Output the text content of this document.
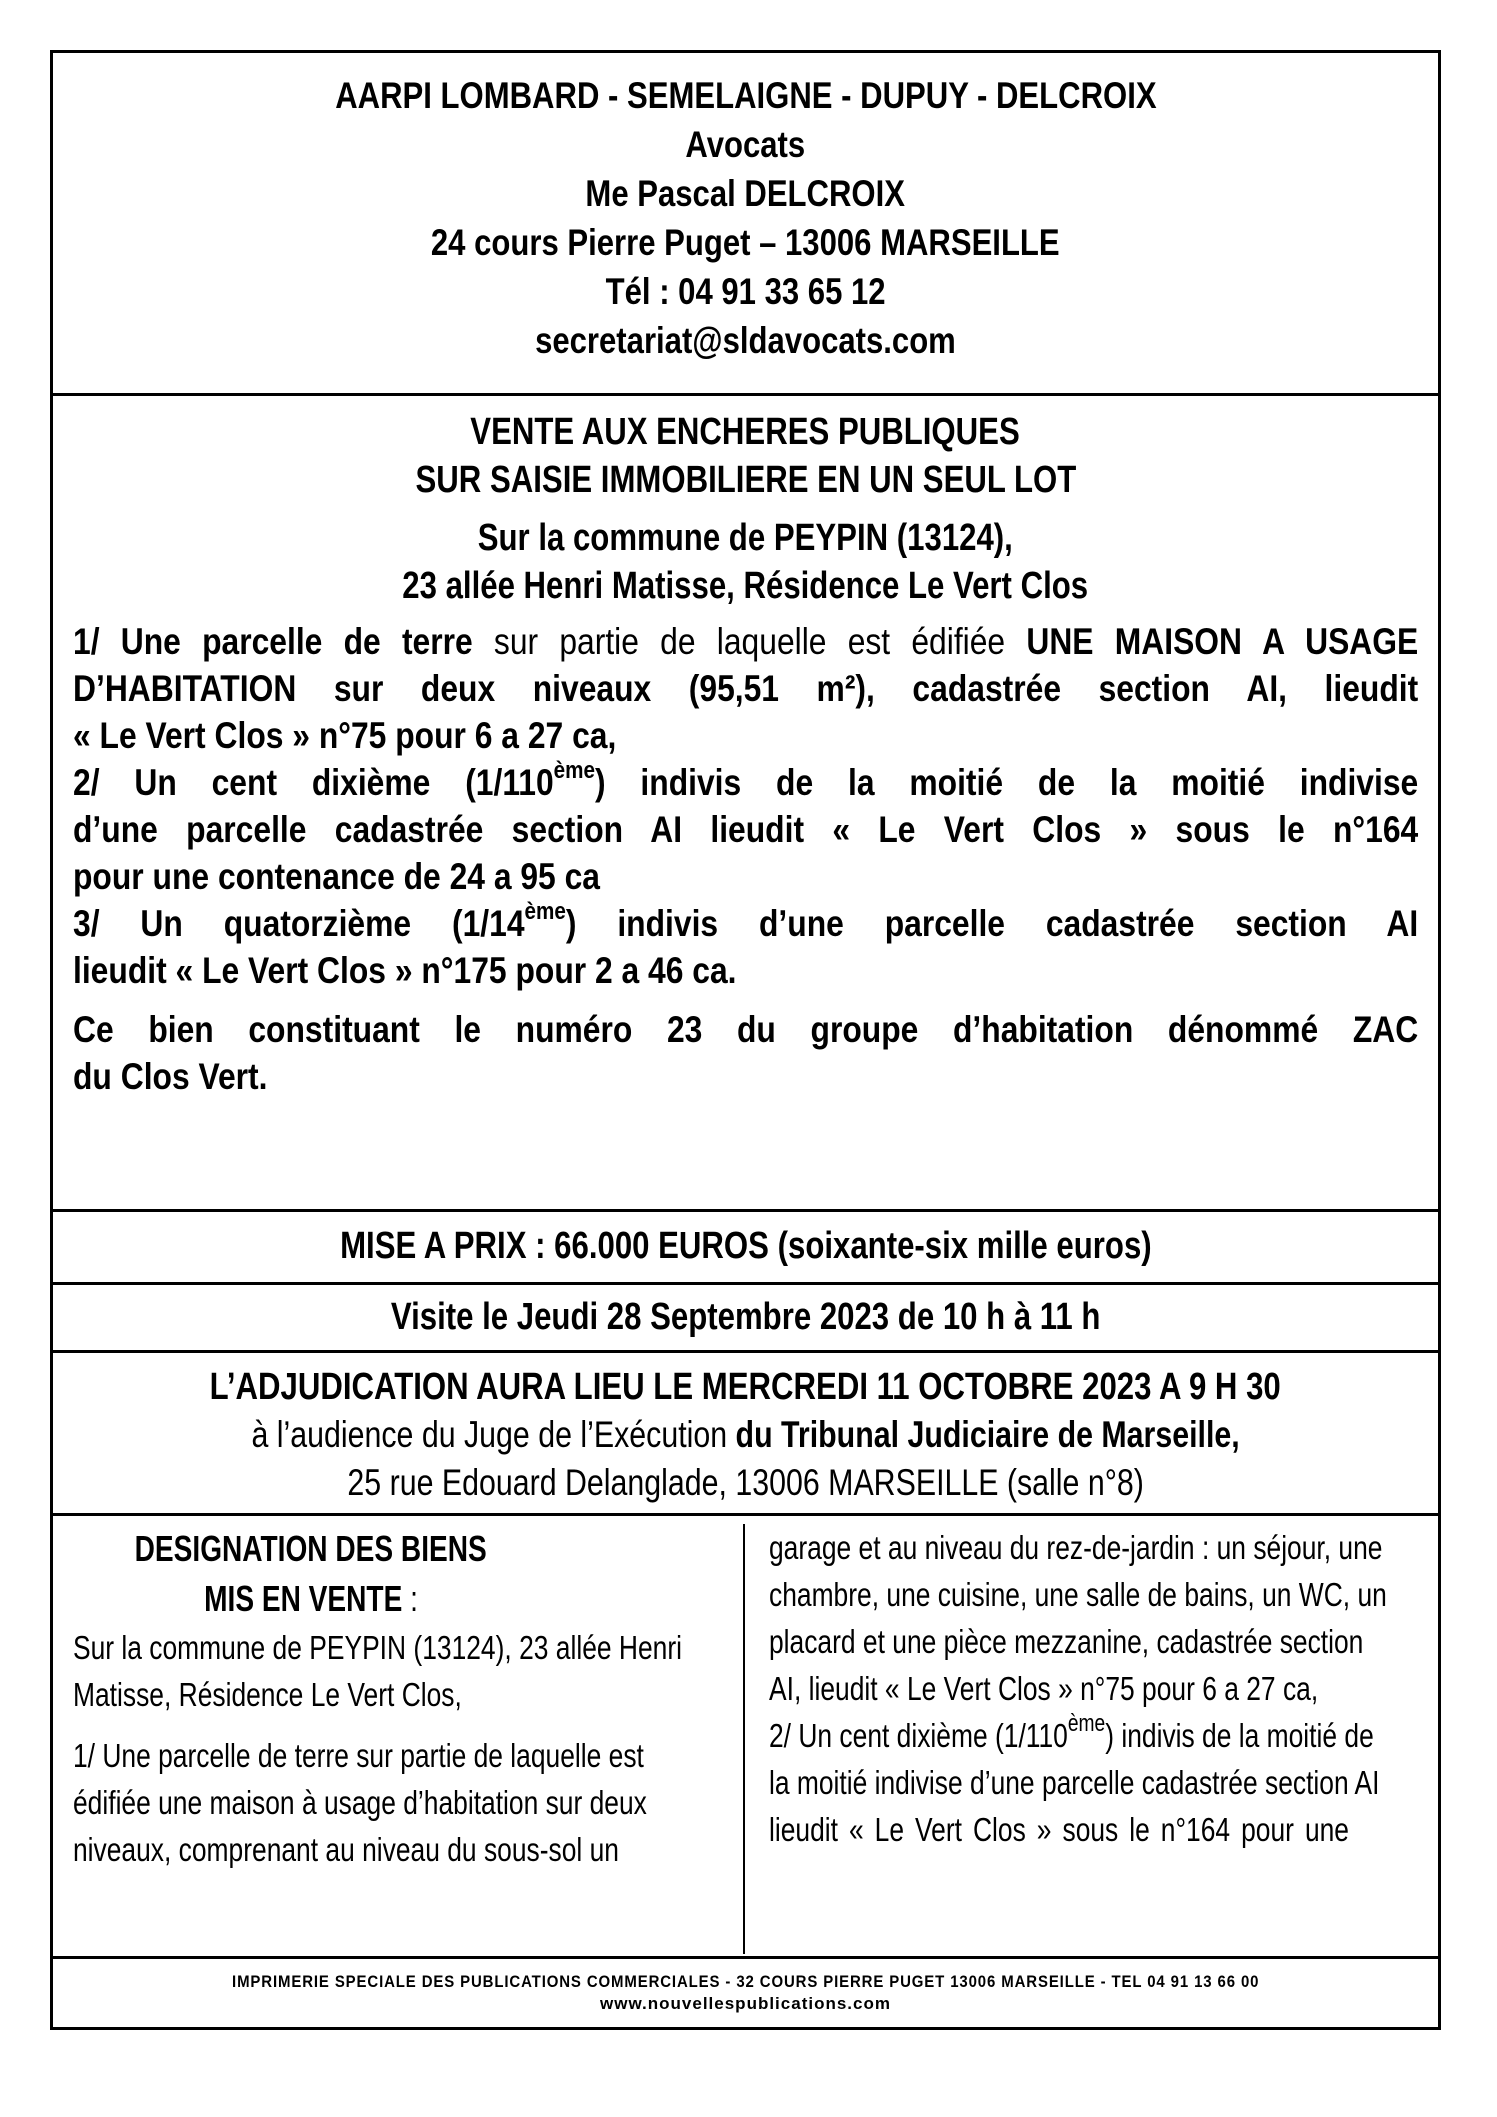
AARPI LOMBARD - SEMELAIGNE - DUPUY - DELCROIX
Avocats
Me Pascal DELCROIX
24 cours Pierre Puget – 13006 MARSEILLE
Tél : 04 91 33 65 12
secretariat@sldavocats.com
VENTE AUX ENCHERES PUBLIQUES
SUR SAISIE IMMOBILIERE EN UN SEUL LOT
Sur la commune de PEYPIN (13124),
23 allée Henri Matisse, Résidence Le Vert Clos
1/ Une parcelle de terre sur partie de laquelle est édifiée UNE MAISON A USAGE
D’HABITATION sur deux niveaux (95,51 m²), cadastrée section AI, lieudit
« Le Vert Clos » n°75 pour 6 a 27 ca,
2/ Un cent dixième (1/110ème) indivis de la moitié de la moitié indivise
d’une parcelle cadastrée section AI lieudit « Le Vert Clos » sous le n°164
pour une contenance de 24 a 95 ca
3/ Un quatorzième (1/14ème) indivis d’une parcelle cadastrée section AI
lieudit « Le Vert Clos » n°175 pour 2 a 46 ca.
Ce bien constituant le numéro 23 du groupe d’habitation dénommé ZAC
du Clos Vert.
MISE A PRIX : 66.000 EUROS (soixante-six mille euros)
Visite le Jeudi 28 Septembre 2023 de 10 h à 11 h
L’ADJUDICATION AURA LIEU LE MERCREDI 11 OCTOBRE 2023 A 9 H 30
à l’audience du Juge de l’Exécution du Tribunal Judiciaire de Marseille,
25 rue Edouard Delanglade, 13006 MARSEILLE (salle n°8)
DESIGNATION DES BIENS
MIS EN VENTE :
Sur la commune de PEYPIN (13124), 23 allée Henri
Matisse, Résidence Le Vert Clos,
1/ Une parcelle de terre sur partie de laquelle est
édifiée une maison à usage d’habitation sur deux
niveaux, comprenant au niveau du sous-sol un
garage et au niveau du rez-de-jardin : un séjour, une
chambre, une cuisine, une salle de bains, un WC, un
placard et une pièce mezzanine, cadastrée section
AI, lieudit « Le Vert Clos » n°75 pour 6 a 27 ca,
2/ Un cent dixième (1/110ème) indivis de la moitié de
la moitié indivise d’une parcelle cadastrée section AI
lieudit « Le Vert Clos » sous le n°164 pour une
IMPRIMERIE SPECIALE DES PUBLICATIONS COMMERCIALES - 32 COURS PIERRE PUGET 13006 MARSEILLE - TEL 04 91 13 66 00
www.nouvellespublications.com
